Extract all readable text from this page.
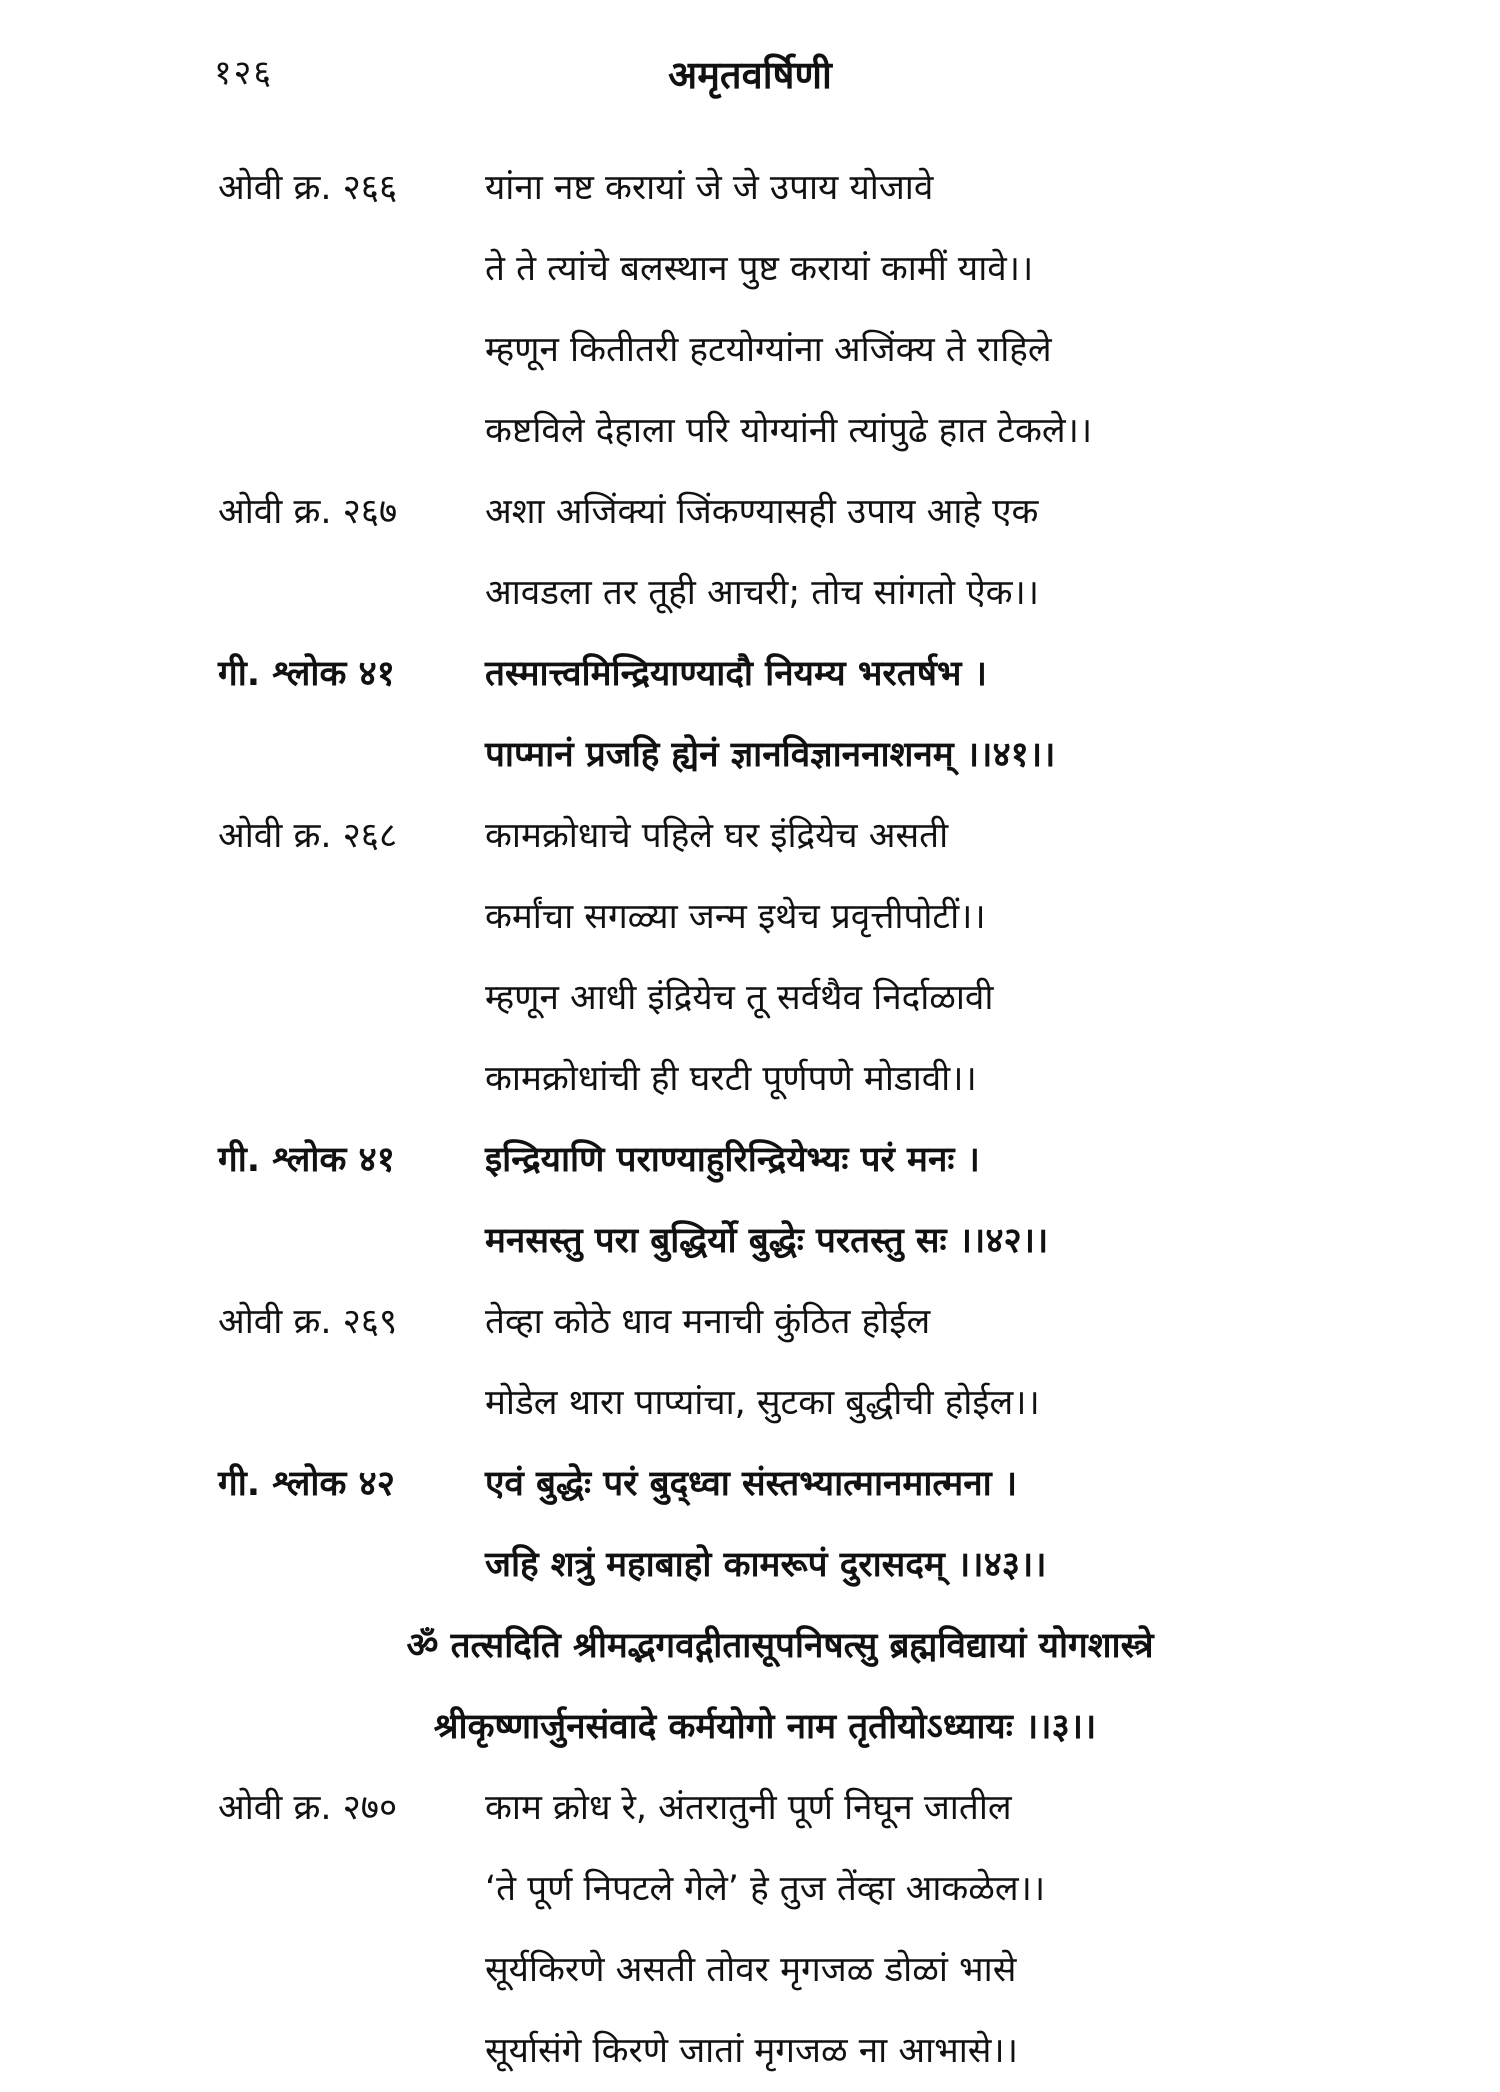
१२६	अमृतवर्षिणी
ओवी क्र. २६६	यांना नष्ट करायां जे जे उपाय योजावे
ते ते त्यांचे बलस्थान पुष्ट करायां कामीं यावे।।
म्हणून कितीतरी हटयोग्यांना अजिंक्य ते राहिले
कष्टविले देहाला परि योग्यांनी त्यांपुढे हात टेकले।।
ओवी क्र. २६७	अशा अजिंक्यां जिंकण्यासही उपाय आहे एक
आवडला तर तूही आचरी; तोच सांगतो ऐक।।
गी. श्लोक ४१	तस्मात्त्वमिन्द्रियाण्यादौ नियम्य भरतर्षभ ।
पाप्मानं प्रजहि ह्येनं ज्ञानविज्ञाननाशनम् ।।४१।।
ओवी क्र. २६८	कामक्रोधाचे पहिले घर इंद्रियेच असती
कर्मांचा सगळ्या जन्म इथेच प्रवृत्तीपोटीं।।
म्हणून आधी इंद्रियेच तू सर्वथैव निर्दाळावी
कामक्रोधांची ही घरटी पूर्णपणे मोडावी।।
गी. श्लोक ४१	इन्द्रियाणि पराण्याहुरिन्द्रियेभ्यः परं मनः ।
मनसस्तु परा बुद्धिर्यो बुद्धेः परतस्तु सः ।।४२।।
ओवी क्र. २६९	तेव्हा कोठे धाव मनाची कुंठित होईल
मोडेल थारा पाप्यांचा, सुटका बुद्धीची होईल।।
गी. श्लोक ४२	एवं बुद्धेः परं बुद्ध्वा संस्तभ्यात्मानमात्मना ।
जहि शत्रुं महाबाहो कामरूपं दुरासदम् ।।४३।।
ॐ तत्सदिति श्रीमद्भगवद्गीतासूपनिषत्सु ब्रह्मविद्यायां योगशास्त्रे
श्रीकृष्णार्जुनसंवादे कर्मयोगो नाम तृतीयोऽध्यायः ।।३।।
ओवी क्र. २७०	काम क्रोध रे, अंतरातुनी पूर्ण निघून जातील
‘ते पूर्ण निपटले गेले’ हे तुज तेंव्हा आकळेल।।
सूर्यकिरणे असती तोवर मृगजळ डोळां भासे
सूर्यासंगे किरणे जातां मृगजळ ना आभासे।।
